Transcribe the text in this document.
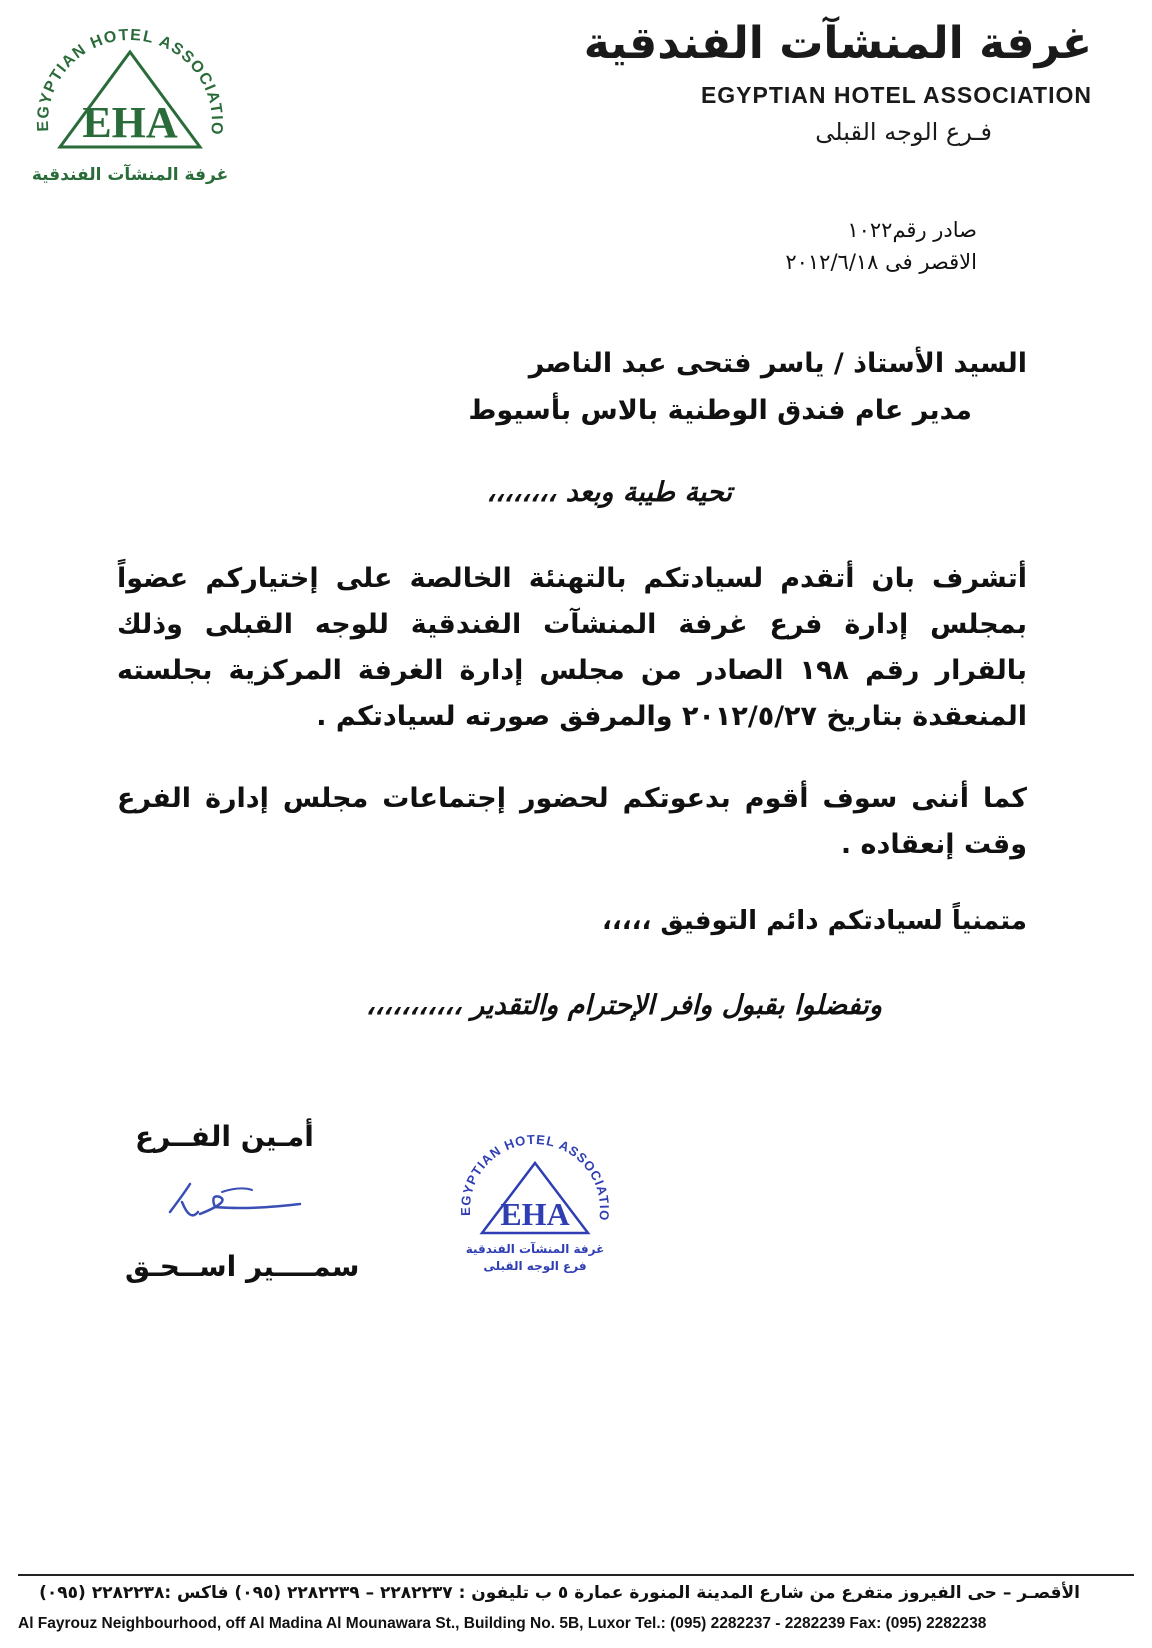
EGYPTIAN HOTEL ASSOCIATIO
EHA
غرفة المنشآت الفندقية
غرفة المنشآت الفندقية
EGYPTIAN HOTEL ASSOCIATION
فـرع الوجه القبلى
صادر رقم١٠٢٢
الاقصر فى ٢٠١٢/٦/١٨
السيد الأستاذ / ياسر فتحى عبد الناصر
مدير عام فندق الوطنية بالاس بأسيوط
تحية طيبة وبعد ،،،،،،،،
أتشرف بان أتقدم لسيادتكم بالتهنئة الخالصة على إختياركم عضواً بمجلس إدارة فرع غرفة المنشآت الفندقية للوجه القبلى وذلك بالقرار رقم ١٩٨ الصادر من مجلس إدارة الغرفة المركزية بجلسته المنعقدة بتاريخ ٢٠١٢/٥/٢٧ والمرفق صورته لسيادتكم .
كما أننى سوف أقوم بدعوتكم لحضور إجتماعات مجلس إدارة الفرع وقت إنعقاده .
متمنياً لسيادتكم دائم التوفيق ،،،،،
وتفضلوا بقبول وافر الإحترام والتقدير ،،،،،،،،،،،
أمـين الفــرع
سمــــير اســحـق
EGYPTIAN HOTEL ASSOCIATIO
EHA
غرفة المنشآت الفندقية
فرع الوجه القبلى
الأقصـر – حى الفيروز متفرع من شارع المدينة المنورة عمارة ٥ ب تليفون : ٢٢٨٢٢٣٧ – ٢٢٨٢٢٣٩ (٠٩٥) فاكس :٢٢٨٢٢٣٨ (٠٩٥)
Al Fayrouz Neighbourhood, off Al Madina Al Mounawara St., Building No. 5B, Luxor Tel.: (095) 2282237 - 2282239 Fax: (095) 2282238
